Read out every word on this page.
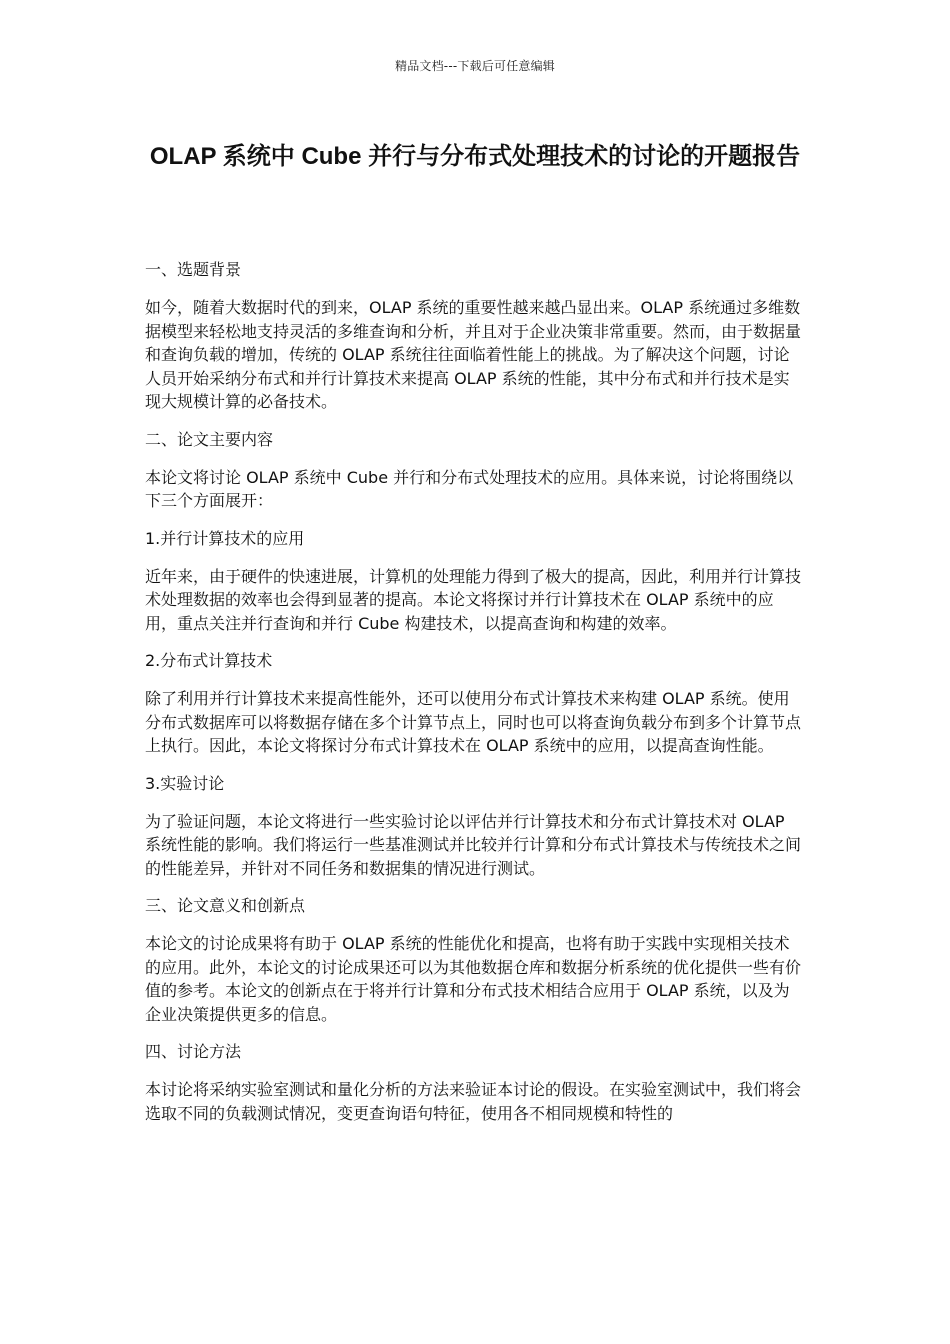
精品文档---下载后可任意编辑
OLAP 系统中 Cube 并行与分布式处理技术的讨论的开题报告
一、选题背景
如今，随着大数据时代的到来，OLAP 系统的重要性越来越凸显出来。OLAP 系统通过多维数据模型来轻松地支持灵活的多维查询和分析，并且对于企业决策非常重要。然而，由于数据量和查询负载的增加，传统的 OLAP 系统往往面临着性能上的挑战。为了解决这个问题，讨论人员开始采纳分布式和并行计算技术来提高 OLAP 系统的性能，其中分布式和并行技术是实现大规模计算的必备技术。
二、论文主要内容
本论文将讨论 OLAP 系统中 Cube 并行和分布式处理技术的应用。具体来说，讨论将围绕以下三个方面展开：
1.并行计算技术的应用
近年来，由于硬件的快速进展，计算机的处理能力得到了极大的提高，因此，利用并行计算技术处理数据的效率也会得到显著的提高。本论文将探讨并行计算技术在 OLAP 系统中的应用，重点关注并行查询和并行 Cube 构建技术，以提高查询和构建的效率。
2.分布式计算技术
除了利用并行计算技术来提高性能外，还可以使用分布式计算技术来构建 OLAP 系统。使用分布式数据库可以将数据存储在多个计算节点上，同时也可以将查询负载分布到多个计算节点上执行。因此，本论文将探讨分布式计算技术在 OLAP 系统中的应用，以提高查询性能。
3.实验讨论
为了验证问题，本论文将进行一些实验讨论以评估并行计算技术和分布式计算技术对 OLAP 系统性能的影响。我们将运行一些基准测试并比较并行计算和分布式计算技术与传统技术之间的性能差异，并针对不同任务和数据集的情况进行测试。
三、论文意义和创新点
本论文的讨论成果将有助于 OLAP 系统的性能优化和提高，也将有助于实践中实现相关技术的应用。此外，本论文的讨论成果还可以为其他数据仓库和数据分析系统的优化提供一些有价值的参考。本论文的创新点在于将并行计算和分布式技术相结合应用于 OLAP 系统，以及为企业决策提供更多的信息。
四、讨论方法
本讨论将采纳实验室测试和量化分析的方法来验证本讨论的假设。在实验室测试中，我们将会选取不同的负载测试情况，变更查询语句特征，使用各不相同规模和特性的
